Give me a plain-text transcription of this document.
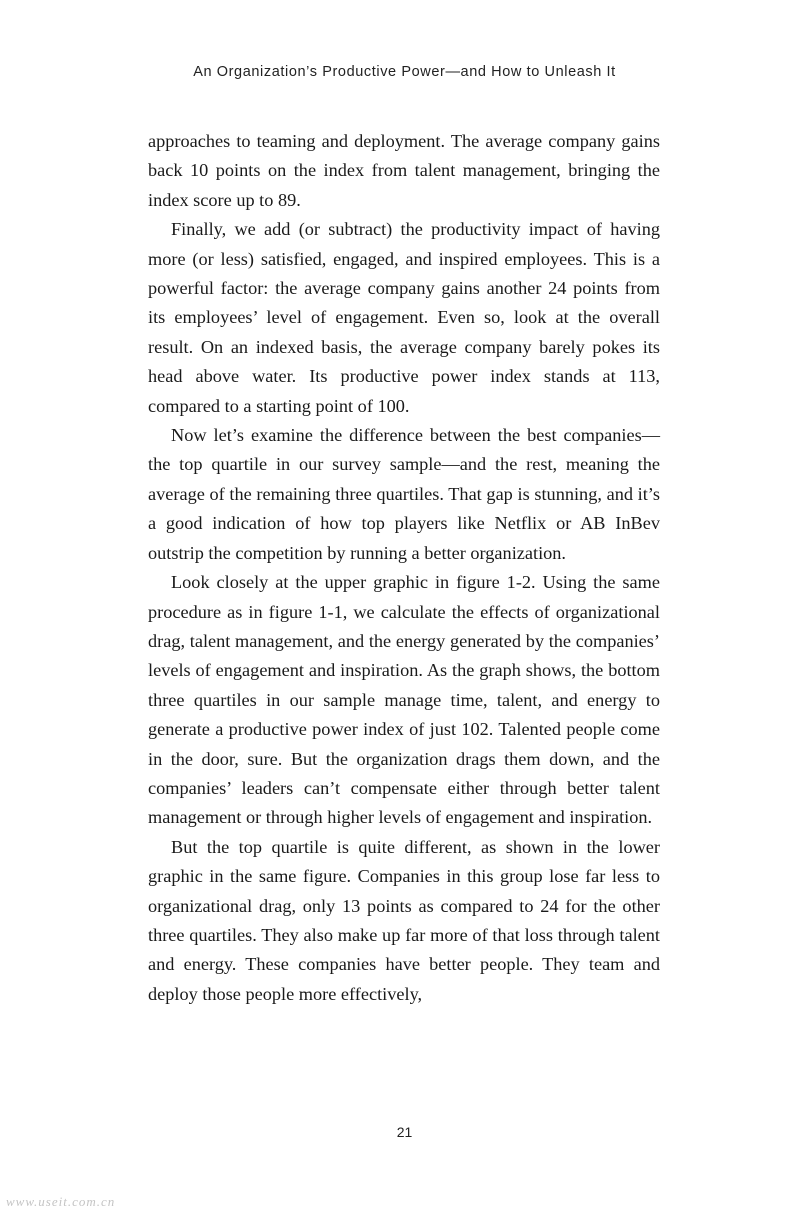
An Organization’s Productive Power—and How to Unleash It

approaches to teaming and deployment. The average company gains back 10 points on the index from talent management, bringing the index score up to 89.

Finally, we add (or subtract) the productivity impact of having more (or less) satisfied, engaged, and inspired employees. This is a powerful factor: the average company gains another 24 points from its employees’ level of engagement. Even so, look at the overall result. On an indexed basis, the average company barely pokes its head above water. Its productive power index stands at 113, compared to a starting point of 100.

Now let’s examine the difference between the best companies—the top quartile in our survey sample—and the rest, meaning the average of the remaining three quartiles. That gap is stunning, and it’s a good indication of how top players like Netflix or AB InBev outstrip the competition by running a better organization.

Look closely at the upper graphic in figure 1-2. Using the same procedure as in figure 1-1, we calculate the effects of organizational drag, talent management, and the energy generated by the companies’ levels of engagement and inspiration. As the graph shows, the bottom three quartiles in our sample manage time, talent, and energy to generate a productive power index of just 102. Talented people come in the door, sure. But the organization drags them down, and the companies’ leaders can’t compensate either through better talent management or through higher levels of engagement and inspiration.

But the top quartile is quite different, as shown in the lower graphic in the same figure. Companies in this group lose far less to organizational drag, only 13 points as compared to 24 for the other three quartiles. They also make up far more of that loss through talent and energy. These companies have better people. They team and deploy those people more effectively,

21
www.useit.com.cn
